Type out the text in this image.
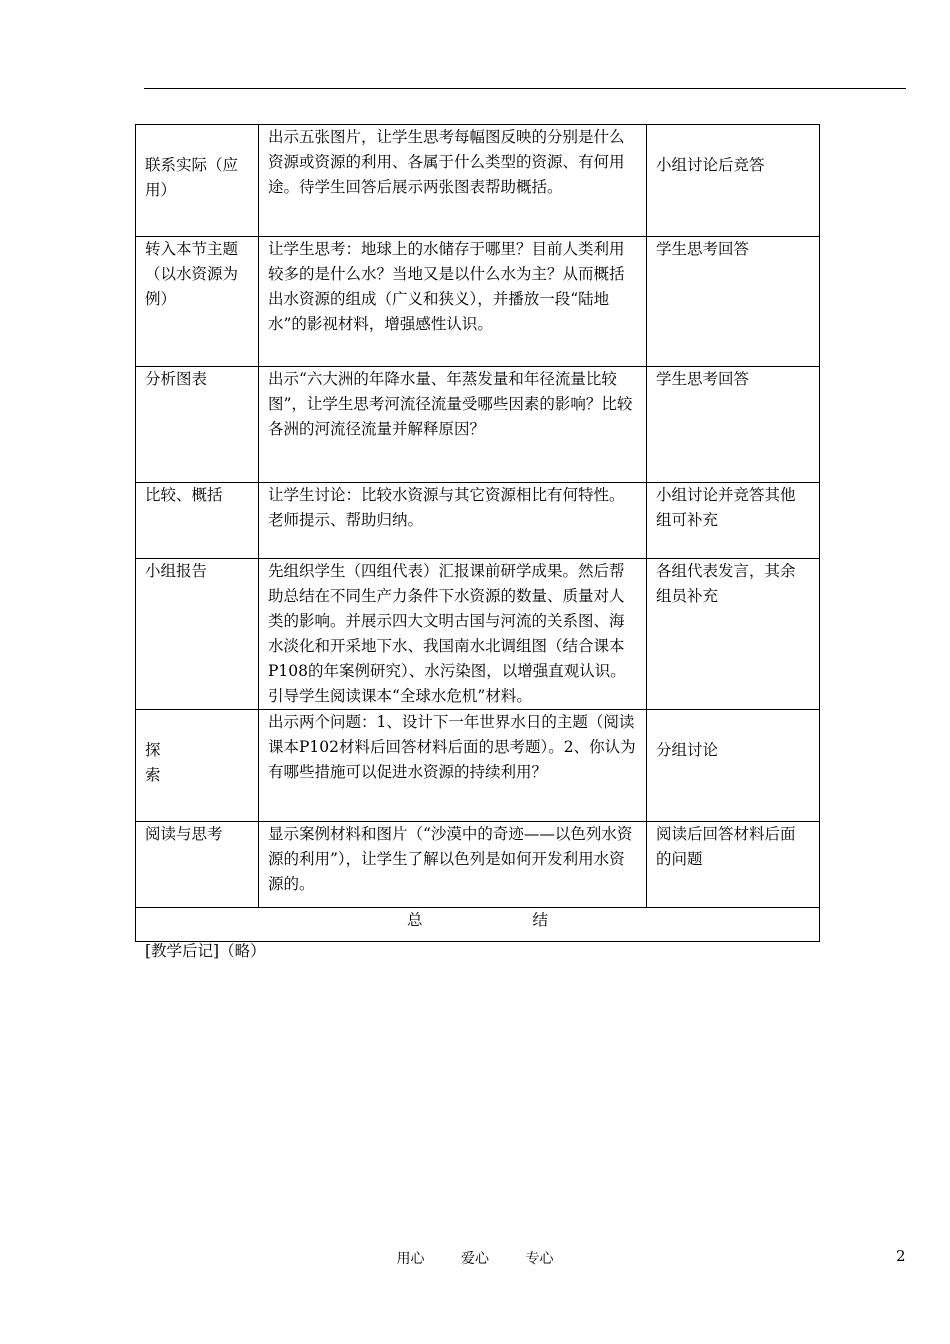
联系实际（应用）	出示五张图片，让学生思考每幅图反映的分别是什么资源或资源的利用、各属于什么类型的资源、有何用途。待学生回答后展示两张图表帮助概括。	小组讨论后竞答
转入本节主题（以水资源为例）	让学生思考：地球上的水储存于哪里？目前人类利用较多的是什么水？当地又是以什么水为主？从而概括出水资源的组成（广义和狭义），并播放一段“陆地水”的影视材料，增强感性认识。	学生思考回答
分析图表	出示“六大洲的年降水量、年蒸发量和年径流量比较图”，让学生思考河流径流量受哪些因素的影响？比较各洲的河流径流量并解释原因？	学生思考回答
比较、概括	让学生讨论：比较水资源与其它资源相比有何特性。老师提示、帮助归纳。	小组讨论并竞答其他组可补充
小组报告	先组织学生（四组代表）汇报课前研学成果。然后帮助总结在不同生产力条件下水资源的数量、质量对人类的影响。并展示四大文明古国与河流的关系图、海水淡化和开采地下水、我国南水北调组图（结合课本P108的年案例研究）、水污染图，以增强直观认识。引导学生阅读课本“全球水危机”材料。	各组代表发言，其余组员补充
探　索	出示两个问题：1、设计下一年世界水日的主题（阅读课本P102材料后回答材料后面的思考题）。2、你认为有哪些措施可以促进水资源的持续利用？	分组讨论
阅读与思考	显示案例材料和图片（“沙漠中的奇迹——以色列水资源的利用”），让学生了解以色列是如何开发利用水资源的。	阅读后回答材料后面的问题
总 结		
[教学后记]（略）
用心	爱心	专心	2
